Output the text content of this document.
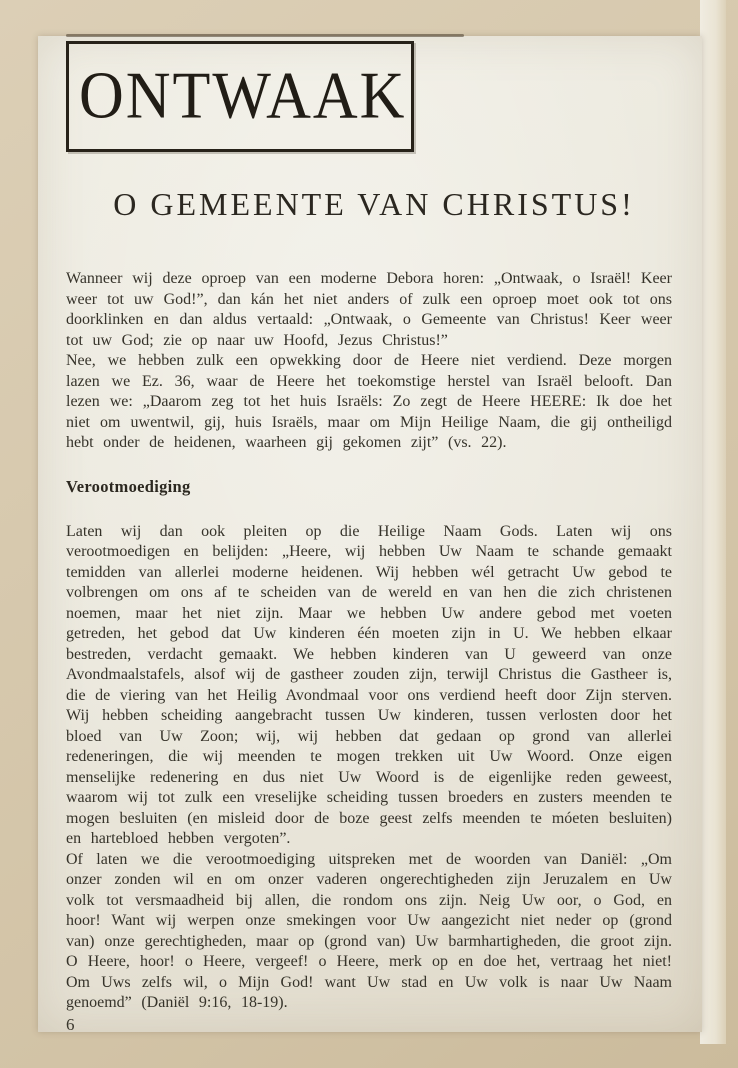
ONTWAAK
O GEMEENTE VAN CHRISTUS!

Wanneer wij deze oproep van een moderne Debora horen: „Ontwaak, o Israël! Keer weer tot uw God!”, dan kán het niet anders of zulk een oproep moet ook tot ons doorklinken en dan aldus vertaald: „Ontwaak, o Gemeente van Christus! Keer weer tot uw God; zie op naar uw Hoofd, Jezus Christus!”

Nee, we hebben zulk een opwekking door de Heere niet verdiend. Deze morgen lazen we Ez. 36, waar de Heere het toekomstige herstel van Israël belooft. Dan lezen we: „Daarom zeg tot het huis Israëls: Zo zegt de Heere HEERE: Ik doe het niet om uwentwil, gij, huis Israëls, maar om Mijn Heilige Naam, die gij ontheiligd hebt onder de heidenen, waarheen gij gekomen zijt” (vs. 22).

Verootmoediging

Laten wij dan ook pleiten op die Heilige Naam Gods. Laten wij ons verootmoedigen en belijden: „Heere, wij hebben Uw Naam te schande gemaakt temidden van allerlei moderne heidenen. Wij hebben wél getracht Uw gebod te volbrengen om ons af te scheiden van de wereld en van hen die zich christenen noemen, maar het niet zijn. Maar we hebben Uw andere gebod met voeten getreden, het gebod dat Uw kinderen één moeten zijn in U. We hebben elkaar bestreden, verdacht gemaakt. We hebben kinderen van U geweerd van onze Avondmaalstafels, alsof wij de gastheer zouden zijn, terwijl Christus die Gastheer is, die de viering van het Heilig Avondmaal voor ons verdiend heeft door Zijn sterven. Wij hebben scheiding aangebracht tussen Uw kinderen, tussen verlosten door het bloed van Uw Zoon; wij, wij hebben dat gedaan op grond van allerlei redeneringen, die wij meenden te mogen trekken uit Uw Woord. Onze eigen menselijke redenering en dus niet Uw Woord is de eigenlijke reden geweest, waarom wij tot zulk een vreselijke scheiding tussen broeders en zusters meenden te mogen besluiten (en misleid door de boze geest zelfs meenden te móeten besluiten) en hartebloed hebben vergoten”.

Of laten we die verootmoediging uitspreken met de woorden van Daniël: „Om onzer zonden wil en om onzer vaderen ongerechtigheden zijn Jeruzalem en Uw volk tot versmaadheid bij allen, die rondom ons zijn. Neig Uw oor, o God, en hoor! Want wij werpen onze smekingen voor Uw aangezicht niet neder op (grond van) onze gerechtigheden, maar op (grond van) Uw barmhartigheden, die groot zijn. O Heere, hoor! o Heere, vergeef! o Heere, merk op en doe het, vertraag het niet! Om Uws zelfs wil, o Mijn God! want Uw stad en Uw volk is naar Uw Naam genoemd” (Daniël 9:16, 18-19).

6
